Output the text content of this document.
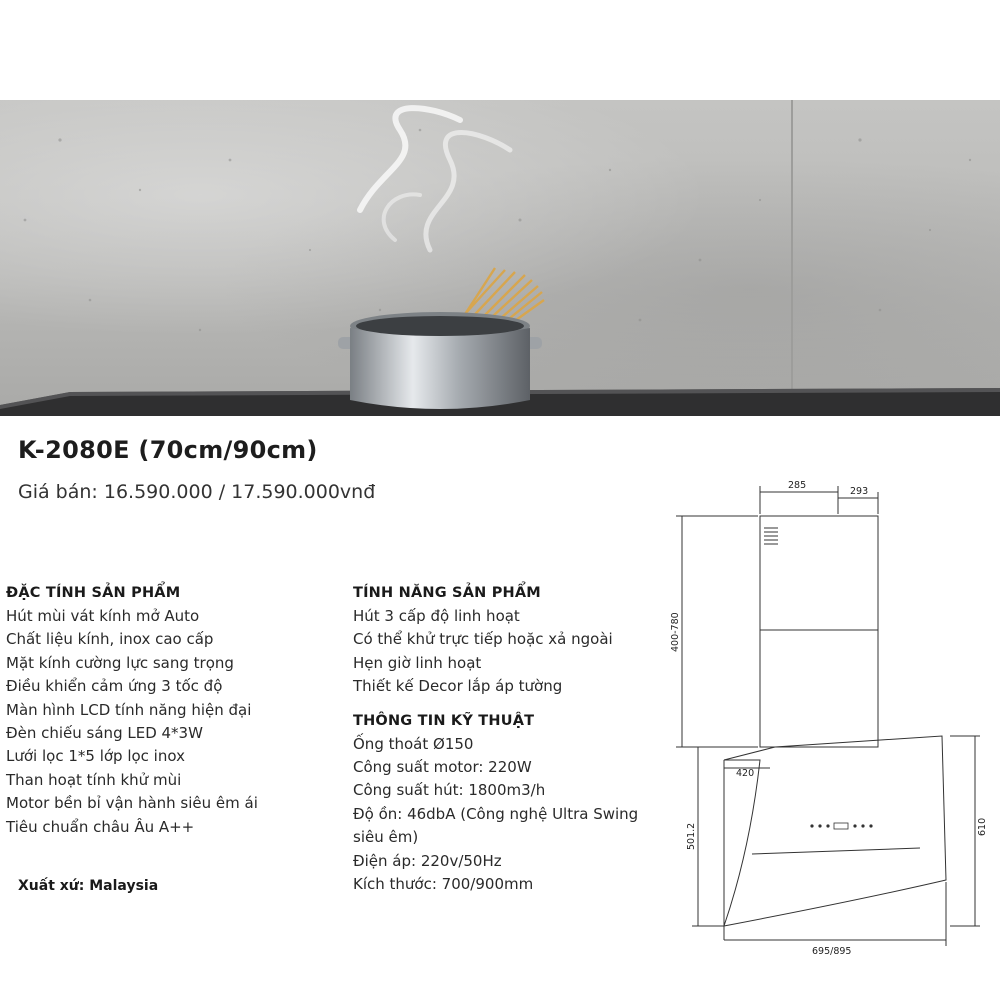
K-2080E (70cm/90cm)
Giá bán: 16.590.000 / 17.590.000vnđ
ĐẶC TÍNH SẢN PHẨM
Hút mùi vát kính mở Auto
Chất liệu kính, inox cao cấp
Mặt kính cường lực sang trọng
Điều khiển cảm ứng 3 tốc độ
Màn hình LCD tính năng hiện đại
Đèn chiếu sáng LED 4*3W
Lưới lọc 1*5 lớp lọc inox
Than hoạt tính khử mùi
Motor bền bỉ vận hành siêu êm ái
Tiêu chuẩn châu Âu A++
Xuất xứ: Malaysia
TÍNH NĂNG SẢN PHẨM
Hút 3 cấp độ linh hoạt
Có thể khử trực tiếp hoặc xả ngoài
Hẹn giờ linh hoạt
Thiết kế Decor lắp áp tường
THÔNG TIN KỸ THUẬT
Ống thoát Ø150
Công suất motor: 220W
Công suất hút: 1800m3/h
Độ ồn: 46dbA (Công nghệ Ultra Swing siêu êm)
Điện áp: 220v/50Hz
Kích thước: 700/900mm
285
293
400-780
420
501.2	610
695/895
